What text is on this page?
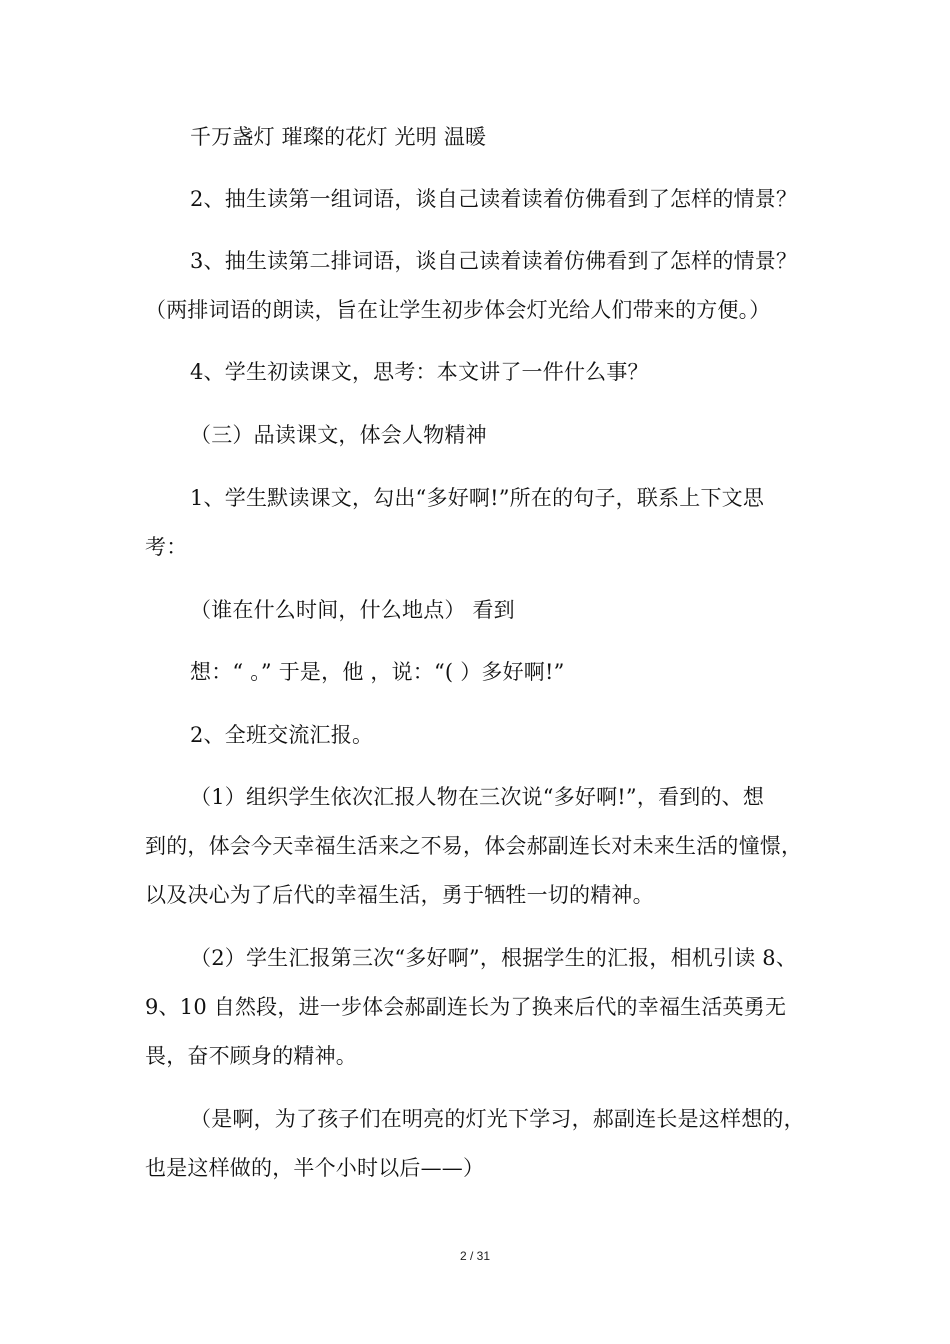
千万盏灯 璀璨的花灯 光明 温暖
2、抽生读第一组词语，谈自己读着读着仿佛看到了怎样的情景？
3、抽生读第二排词语，谈自己读着读着仿佛看到了怎样的情景？
（两排词语的朗读，旨在让学生初步体会灯光给人们带来的方便。）
4、学生初读课文，思考：本文讲了一件什么事？
（三）品读课文，体会人物精神
1、学生默读课文，勾出“多好啊!”所在的句子，联系上下文思
考：
（谁在什么时间，什么地点） 看到
想：“ 。” 于是，他 ，说：“( ）多好啊!”
2、全班交流汇报。
（1）组织学生依次汇报人物在三次说“多好啊!”，看到的、想
到的，体会今天幸福生活来之不易，体会郝副连长对未来生活的憧憬，
以及决心为了后代的幸福生活，勇于牺牲一切的精神。
（2）学生汇报第三次“多好啊”，根据学生的汇报，相机引读 8、
9、10 自然段，进一步体会郝副连长为了换来后代的幸福生活英勇无
畏，奋不顾身的精神。
（是啊，为了孩子们在明亮的灯光下学习，郝副连长是这样想的，
也是这样做的，半个小时以后——）
2 / 31
